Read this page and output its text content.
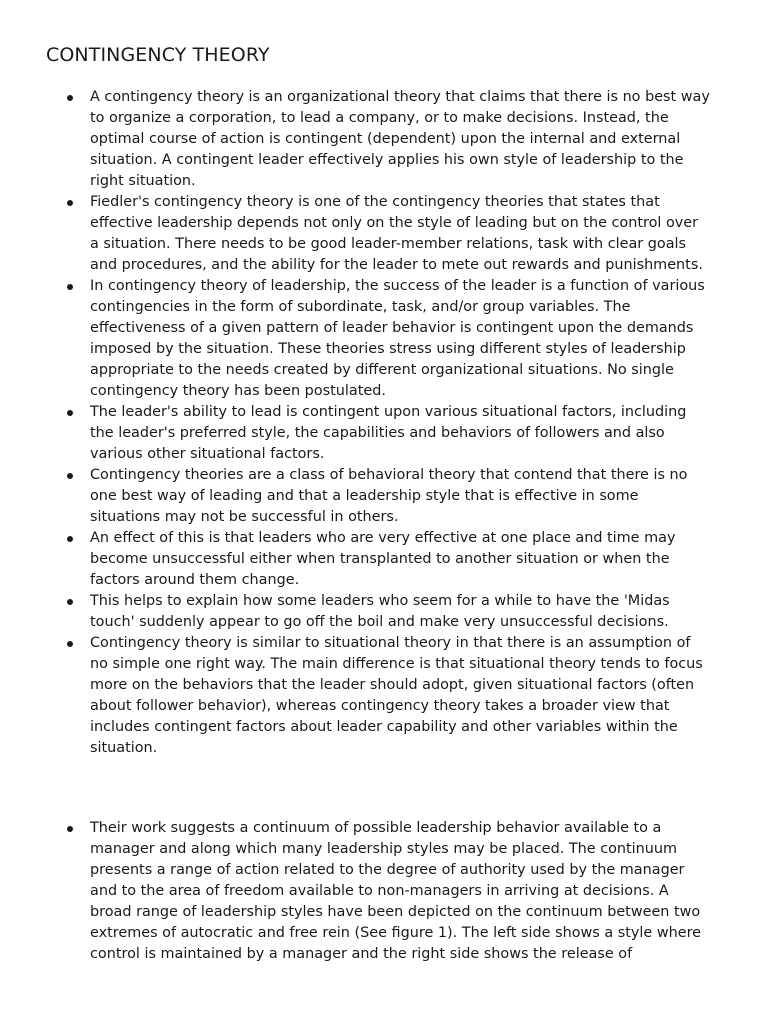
CONTINGENCY THEORY
A contingency theory is an organizational theory that claims that there is no best way to organize a corporation, to lead a company, or to make decisions. Instead, the optimal course of action is contingent (dependent) upon the internal and external situation. A contingent leader effectively applies his own style of leadership to the right situation.
Fiedler's contingency theory is one of the contingency theories that states that effective leadership depends not only on the style of leading but on the control over a situation. There needs to be good leader-member relations, task with clear goals and procedures, and the ability for the leader to mete out rewards and punishments.
In contingency theory of leadership, the success of the leader is a function of various contingencies in the form of subordinate, task, and/or group variables. The effectiveness of a given pattern of leader behavior is contingent upon the demands imposed by the situation. These theories stress using different styles of leadership appropriate to the needs created by different organizational situations. No single contingency theory has been postulated.
The leader's ability to lead is contingent upon various situational factors, including the leader's preferred style, the capabilities and behaviors of followers and also various other situational factors.
Contingency theories are a class of behavioral theory that contend that there is no one best way of leading and that a leadership style that is effective in some situations may not be successful in others.
An effect of this is that leaders who are very effective at one place and time may become unsuccessful either when transplanted to another situation or when the factors around them change.
This helps to explain how some leaders who seem for a while to have the 'Midas touch' suddenly appear to go off the boil and make very unsuccessful decisions.
Contingency theory is similar to situational theory in that there is an assumption of no simple one right way. The main difference is that situational theory tends to focus more on the behaviors that the leader should adopt, given situational factors (often about follower behavior), whereas contingency theory takes a broader view that includes contingent factors about leader capability and other variables within the situation.
Their work suggests a continuum of possible leadership behavior available to a manager and along which many leadership styles may be placed. The continuum presents a range of action related to the degree of authority used by the manager and to the area of freedom available to non-managers in arriving at decisions. A broad range of leadership styles have been depicted on the continuum between two extremes of autocratic and free rein (See figure 1). The left side shows a style where control is maintained by a manager and the right side shows the release of
